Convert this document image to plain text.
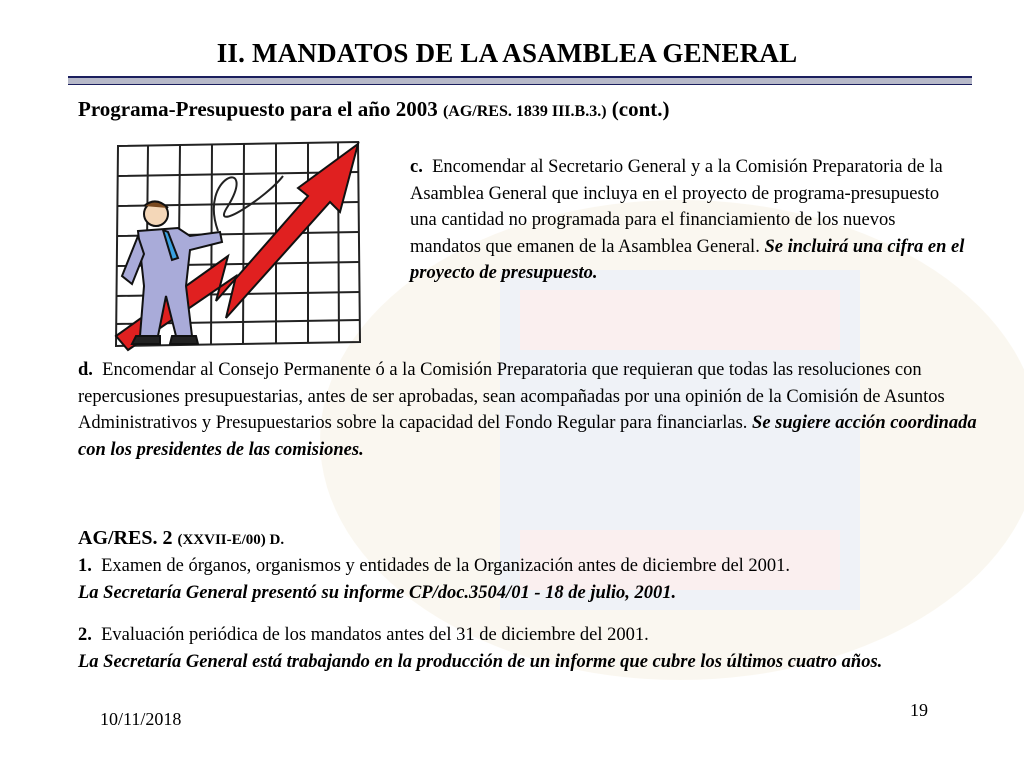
II. MANDATOS DE LA ASAMBLEA GENERAL
Programa-Presupuesto para el año 2003 (AG/RES. 1839 III.B.3.) (cont.)
c. Encomendar al Secretario General y a la Comisión Preparatoria de la Asamblea General que incluya en el proyecto de programa-presupuesto una cantidad no programada para el financiamiento de los nuevos mandatos que emanen de la Asamblea General. Se incluirá una cifra en el proyecto de presupuesto.
d. Encomendar al Consejo Permanente ó a la Comisión Preparatoria que requieran que todas las resoluciones con repercusiones presupuestarias, antes de ser aprobadas, sean acompañadas por una opinión de la Comisión de Asuntos Administrativos y Presupuestarios sobre la capacidad del Fondo Regular para financiarlas. Se sugiere acción coordinada con los presidentes de las comisiones.
AG/RES. 2 (XXVII-E/00) D.
1. Examen de órganos, organismos y entidades de la Organización antes de diciembre del 2001.
La Secretaría General presentó su informe CP/doc.3504/01 - 18 de julio, 2001.
2. Evaluación periódica de los mandatos antes del 31 de diciembre del 2001.
La Secretaría General está trabajando en la producción de un informe que cubre los últimos cuatro años.
10/11/2018	19
